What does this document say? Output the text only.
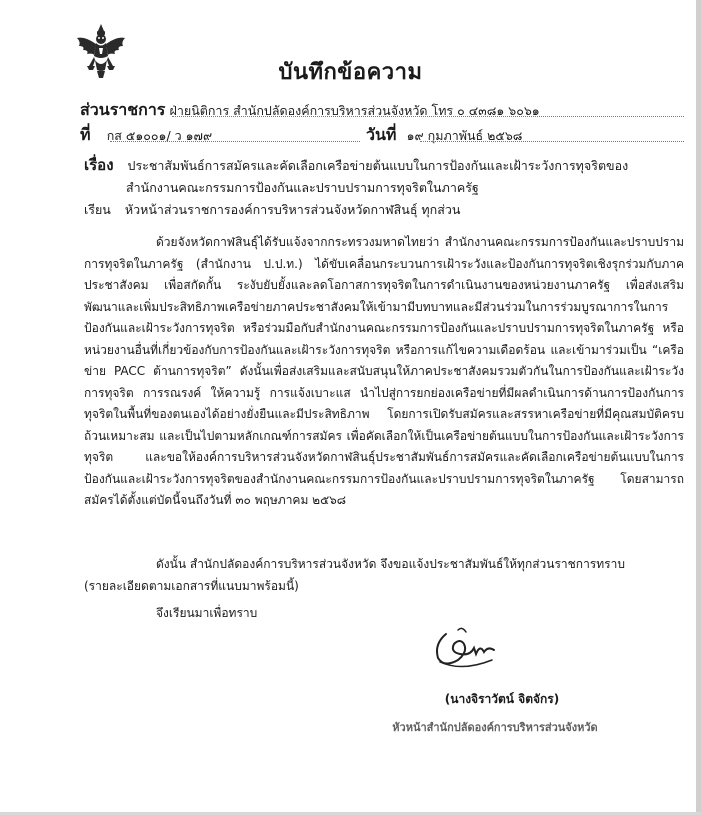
บันทึกข้อความ
ส่วนราชการ ฝ่ายนิติการ สำนักปลัดองค์การบริหารส่วนจังหวัด โทร ๐ ๔๓๘๑ ๖๐๖๑
ที่ กส ๕๑๐๐๑/ ว ๑๗๙	วันที่ ๑๙ กุมภาพันธ์ ๒๕๖๘
เรื่อง ประชาสัมพันธ์การสมัครและคัดเลือกเครือข่ายต้นแบบในการป้องกันและเฝ้าระวังการทุจริตของ
สำนักงานคณะกรรมการป้องกันและปราบปรามการทุจริตในภาครัฐ
เรียน หัวหน้าส่วนราชการองค์การบริหารส่วนจังหวัดกาฬสินธุ์ ทุกส่วน
ด้วยจังหวัดกาฬสินธุ์ได้รับแจ้งจากกระทรวงมหาดไทยว่า สำนักงานคณะกรรมการป้องกันและปราบปรามการทุจริตในภาครัฐ (สำนักงาน ป.ป.ท.) ได้ขับเคลื่อนกระบวนการเฝ้าระวังและป้องกันการทุจริตเชิงรุกร่วมกับภาคประชาสังคม เพื่อสกัดกั้น ระงับยับยั้งและลดโอกาสการทุจริตในการดำเนินงานของหน่วยงานภาครัฐ เพื่อส่งเสริม พัฒนาและเพิ่มประสิทธิภาพเครือข่ายภาคประชาสังคมให้เข้ามามีบทบาทและมีส่วนร่วมในการร่วมบูรณาการในการป้องกันและเฝ้าระวังการทุจริต หรือร่วมมือกับสำนักงานคณะกรรมการป้องกันและปราบปรามการทุจริตในภาครัฐ หรือหน่วยงานอื่นที่เกี่ยวข้องกับการป้องกันและเฝ้าระวังการทุจริต หรือการแก้ไขความเดือดร้อน และเข้ามาร่วมเป็น “เครือข่าย PACC ต้านการทุจริต” ดังนั้นเพื่อส่งเสริมและสนับสนุนให้ภาคประชาสังคมรวมตัวกันในการป้องกันและเฝ้าระวังการทุจริต การรณรงค์ ให้ความรู้ การแจ้งเบาะแส นำไปสู่การยกย่องเครือข่ายที่มีผลดำเนินการด้านการป้องกันการทุจริตในพื้นที่ของตนเองได้อย่างยั่งยืนและมีประสิทธิภาพ โดยการเปิดรับสมัครและสรรหาเครือข่ายที่มีคุณสมบัติครบถ้วนเหมาะสม และเป็นไปตามหลักเกณฑ์การสมัคร เพื่อคัดเลือกให้เป็นเครือข่ายต้นแบบในการป้องกันและเฝ้าระวังการทุจริต และขอให้องค์การบริหารส่วนจังหวัดกาฬสินธุ์ประชาสัมพันธ์การสมัครและคัดเลือกเครือข่ายต้นแบบในการป้องกันและเฝ้าระวังการทุจริตของสำนักงานคณะกรรมการป้องกันและปราบปรามการทุจริตในภาครัฐ โดยสามารถสมัครได้ตั้งแต่บัดนี้จนถึงวันที่ ๓๐ พฤษภาคม ๒๕๖๘
ดังนั้น สำนักปลัดองค์การบริหารส่วนจังหวัด จึงขอแจ้งประชาสัมพันธ์ให้ทุกส่วนราชการทราบ
(รายละเอียดตามเอกสารที่แนบมาพร้อมนี้)
จึงเรียนมาเพื่อทราบ
(นางจิราวัตน์ จิตจักร)
หัวหน้าสำนักปลัดองค์การบริหารส่วนจังหวัด
